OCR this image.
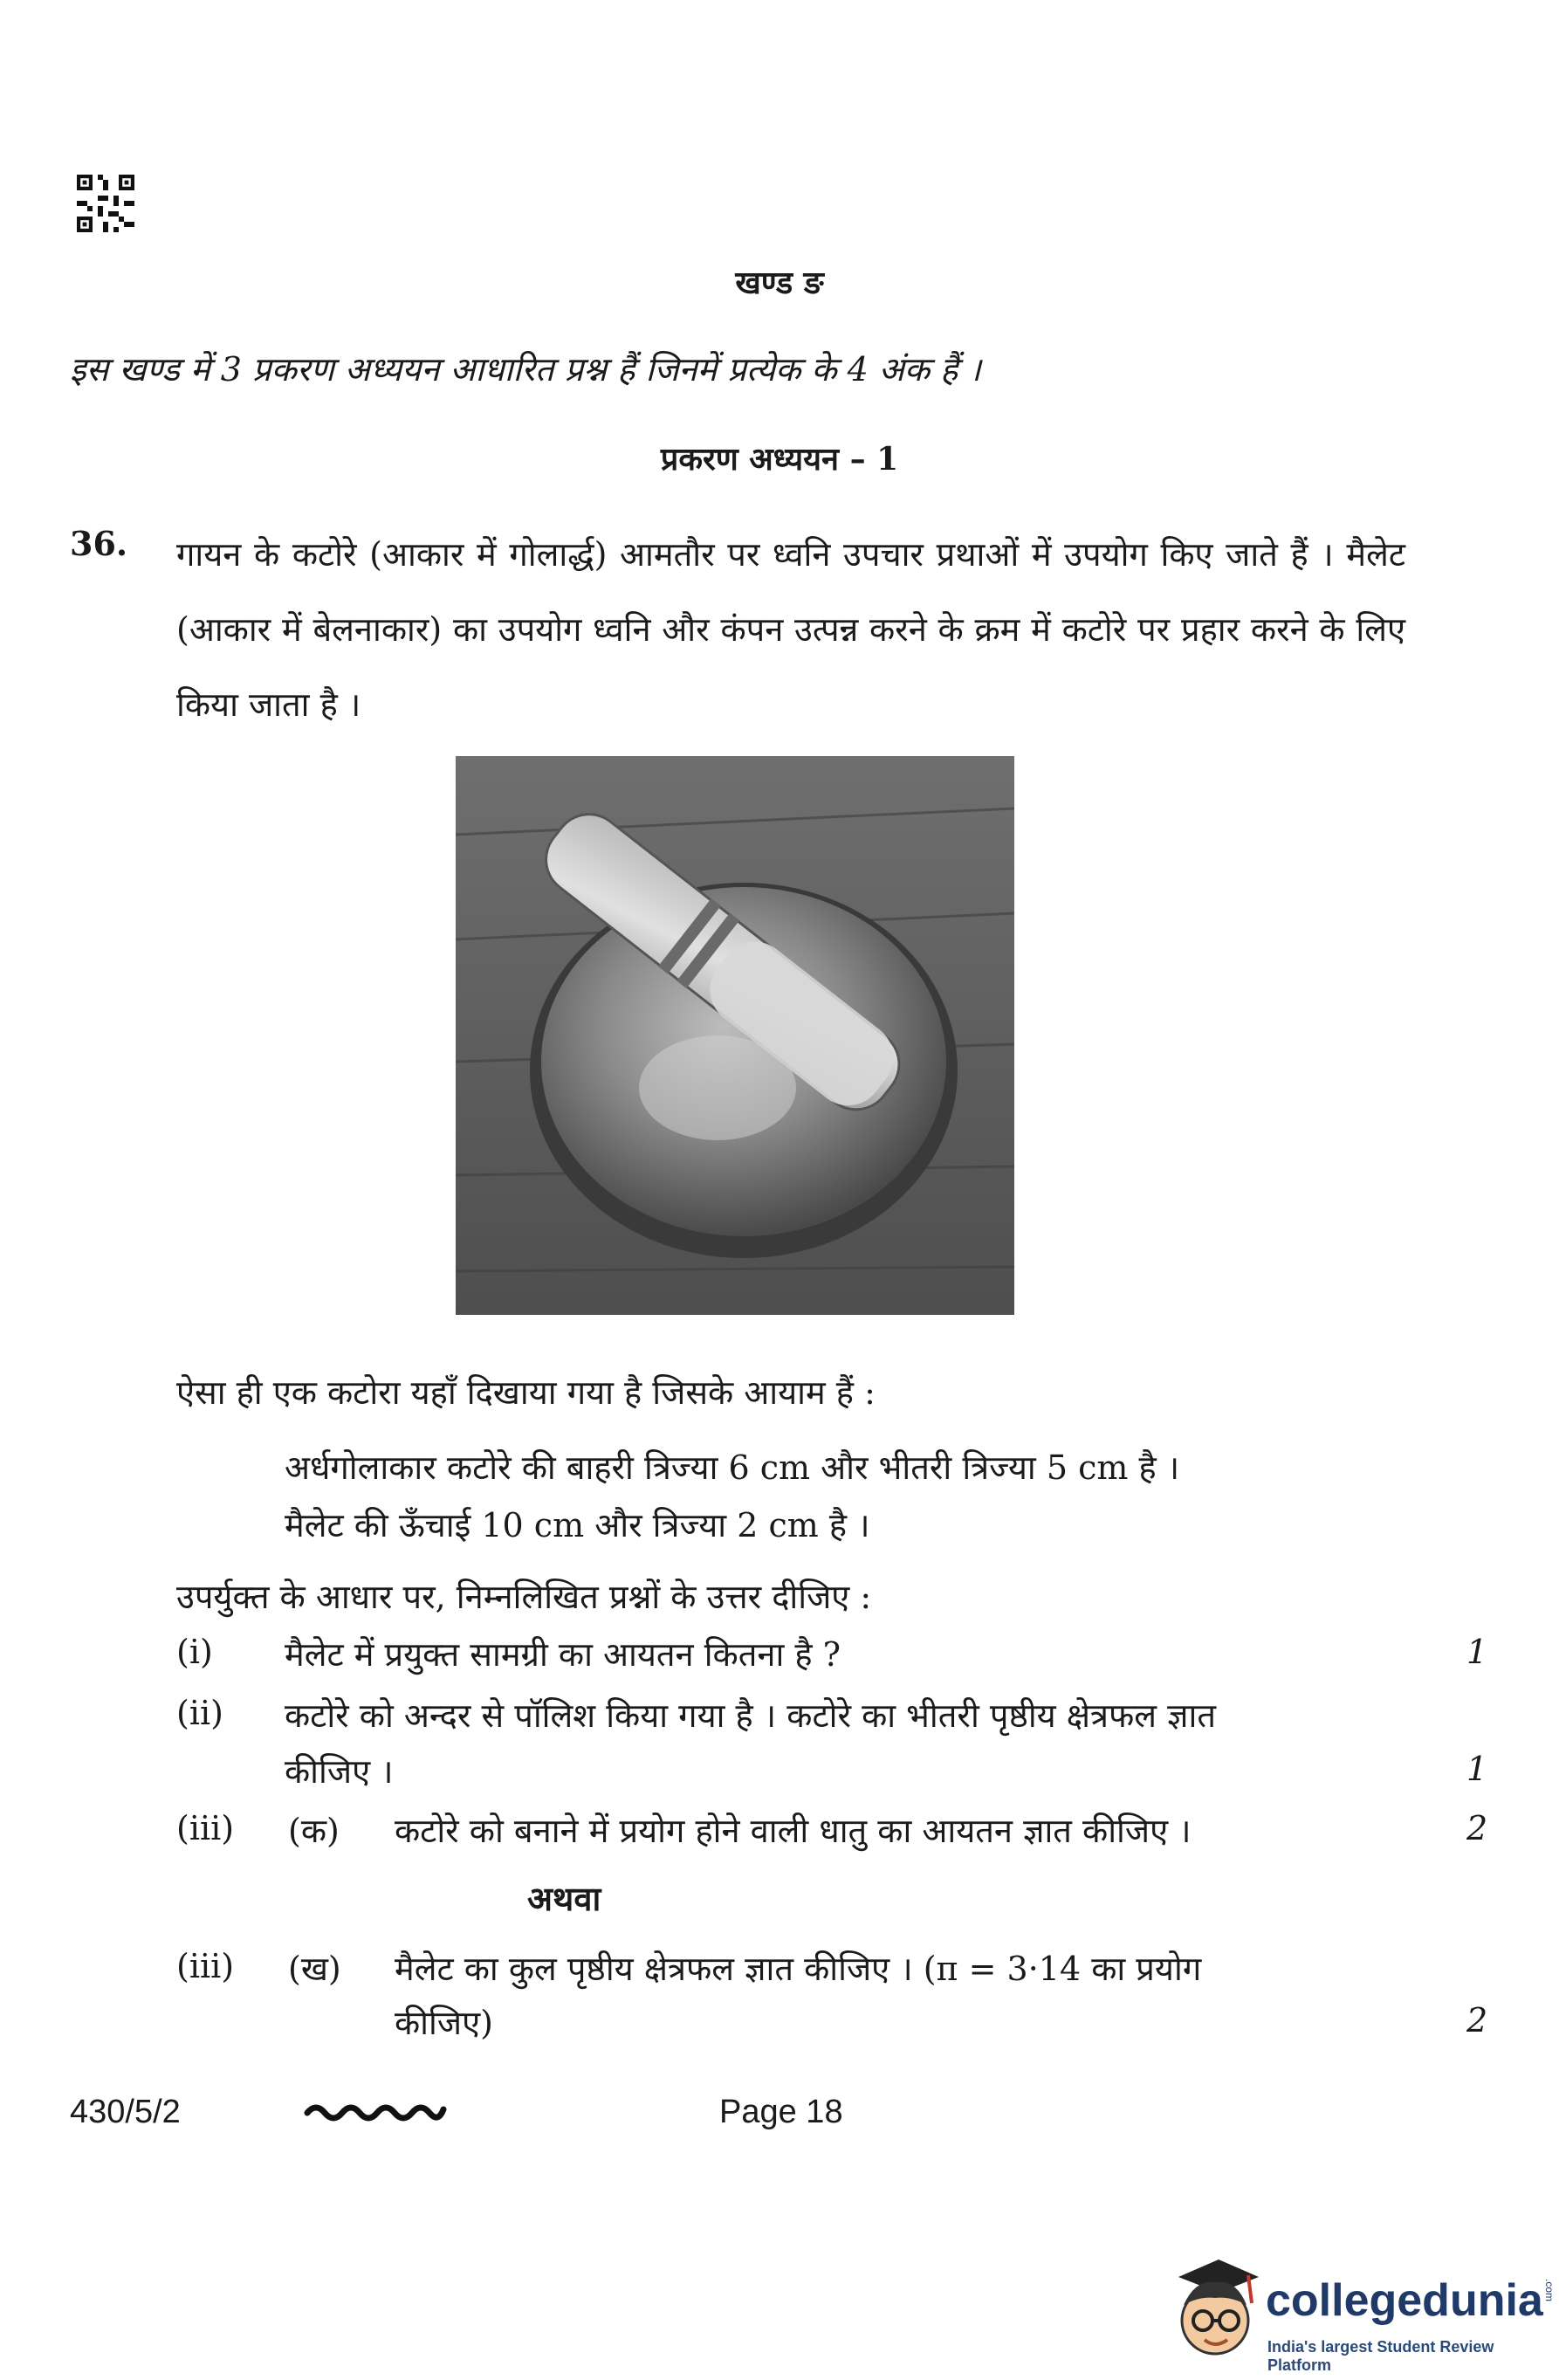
खण्ड ङ
इस खण्ड में 3 प्रकरण अध्ययन आधारित प्रश्न हैं जिनमें प्रत्येक के 4 अंक हैं ।
प्रकरण अध्ययन – 1
36. गायन के कटोरे (आकार में गोलार्द्ध) आमतौर पर ध्वनि उपचार प्रथाओं में उपयोग किए जाते हैं । मैलेट (आकार में बेलनाकार) का उपयोग ध्वनि और कंपन उत्पन्न करने के क्रम में कटोरे पर प्रहार करने के लिए किया जाता है ।
ऐसा ही एक कटोरा यहाँ दिखाया गया है जिसके आयाम हैं :
अर्धगोलाकार कटोरे की बाहरी त्रिज्या 6 cm और भीतरी त्रिज्या 5 cm है ।
मैलेट की ऊँचाई 10 cm और त्रिज्या 2 cm है ।
उपर्युक्त के आधार पर, निम्नलिखित प्रश्नों के उत्तर दीजिए :
(i) मैलेट में प्रयुक्त सामग्री का आयतन कितना है ?	1
(ii) कटोरे को अन्दर से पॉलिश किया गया है । कटोरे का भीतरी पृष्ठीय क्षेत्रफल ज्ञात
कीजिए ।	1
(iii) (क) कटोरे को बनाने में प्रयोग होने वाली धातु का आयतन ज्ञात कीजिए ।	2
अथवा
(iii) (ख) मैलेट का कुल पृष्ठीय क्षेत्रफल ज्ञात कीजिए । (π = 3·14 का प्रयोग
कीजिए)	2
430/5/2	Page 18
collegedunia .com
India's largest Student Review Platform
